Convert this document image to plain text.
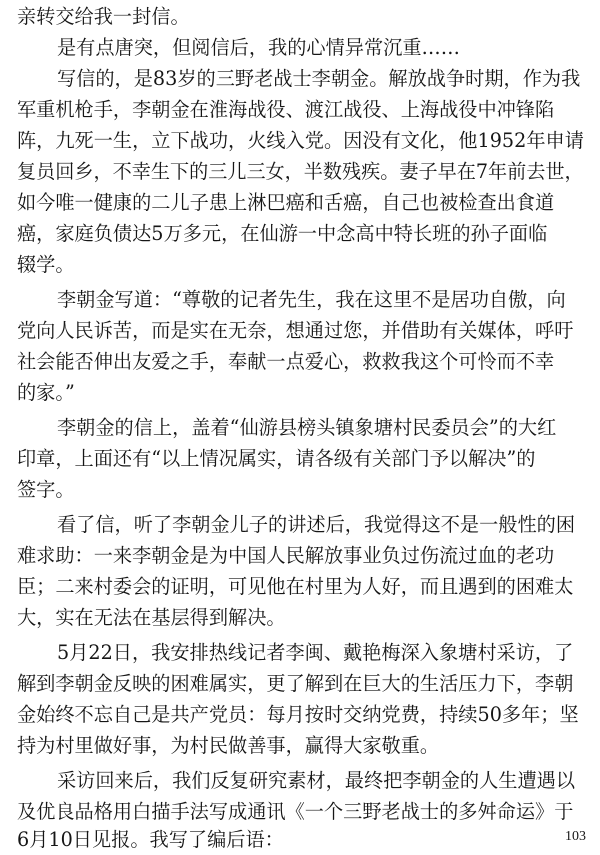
亲转交给我一封信。
是有点唐突，但阅信后，我的心情异常沉重……
写信的，是83岁的三野老战士李朝金。解放战争时期，作为我
军重机枪手，李朝金在淮海战役、渡江战役、上海战役中冲锋陷
阵，九死一生，立下战功，火线入党。因没有文化，他1952年申请
复员回乡，不幸生下的三儿三女，半数残疾。妻子早在7年前去世，
如今唯一健康的二儿子患上淋巴癌和舌癌，自己也被检查出食道
癌，家庭负债达5万多元，在仙游一中念高中特长班的孙子面临
辍学。
李朝金写道：“尊敬的记者先生，我在这里不是居功自傲，向
党向人民诉苦，而是实在无奈，想通过您，并借助有关媒体，呼吁
社会能否伸出友爱之手，奉献一点爱心，救救我这个可怜而不幸
的家。”
李朝金的信上，盖着“仙游县榜头镇象塘村民委员会”的大红
印章，上面还有“以上情况属实，请各级有关部门予以解决”的
签字。
看了信，听了李朝金儿子的讲述后，我觉得这不是一般性的困
难求助：一来李朝金是为中国人民解放事业负过伤流过血的老功
臣；二来村委会的证明，可见他在村里为人好，而且遇到的困难太
大，实在无法在基层得到解决。
5月22日，我安排热线记者李闽、戴艳梅深入象塘村采访，了
解到李朝金反映的困难属实，更了解到在巨大的生活压力下，李朝
金始终不忘自己是共产党员：每月按时交纳党费，持续50多年；坚
持为村里做好事，为村民做善事，赢得大家敬重。
采访回来后，我们反复研究素材，最终把李朝金的人生遭遇以
及优良品格用白描手法写成通讯《一个三野老战士的多舛命运》于
6月10日见报。我写了编后语：	103
